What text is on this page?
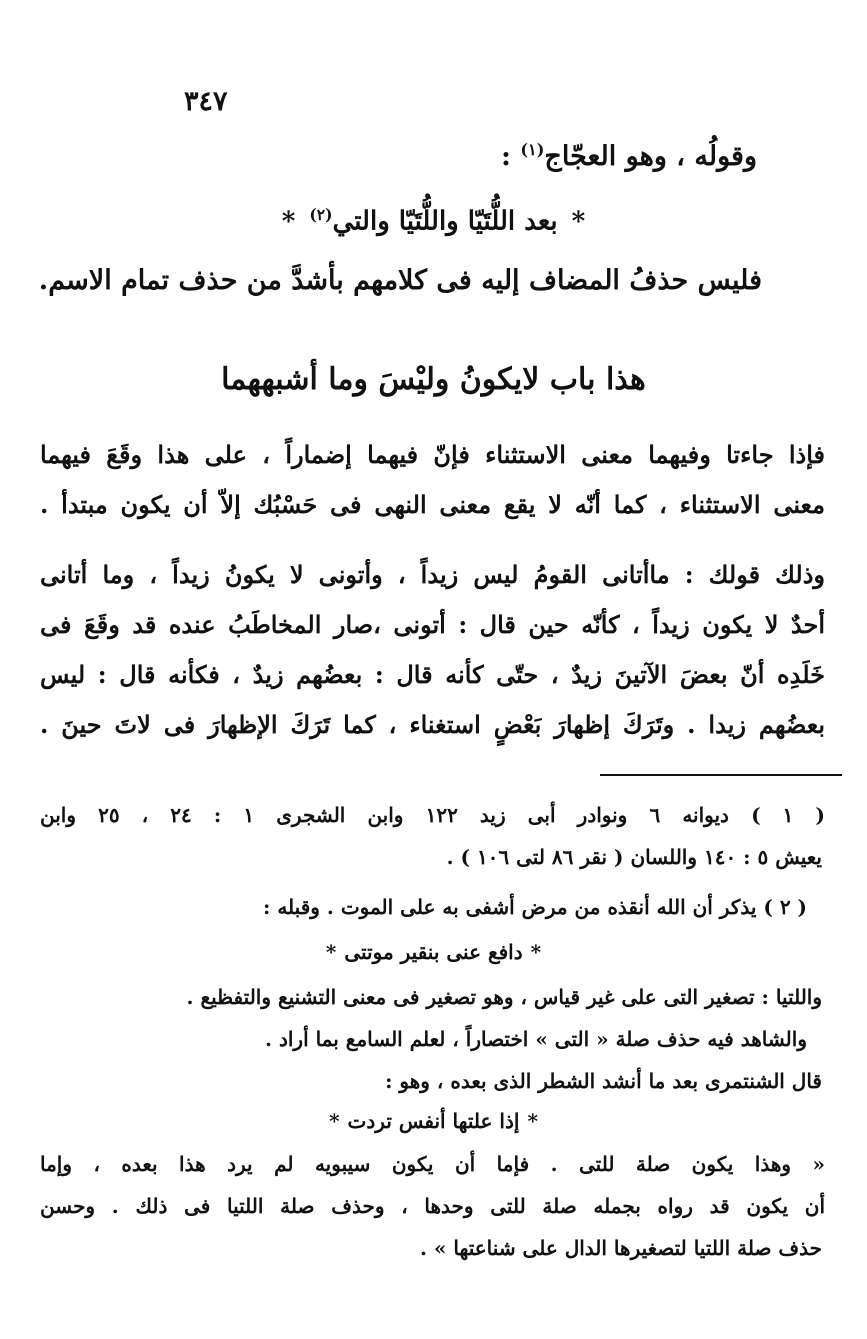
٣٤٧
وقولُه ، وهو العجّاج$^{(١)}$ :
*بعد اللُّتَيّا واللُّتَيّا والتي$^{(٢)}$*
فليس حذفُ المضاف إليه فى كلامهم بأشدَّ من حذف تمام الاسم.
هذا باب لايكونُ وليْسَ وما أشبههما
فإذا جاءتا وفيهما معنى الاستثناء فإنّ فيهما إضماراً ، على هذا وقَعَ فيهما
معنى الاستثناء ، كما أنّه لا يقع معنى النهى فى حَسْبُك إلاّ أن يكون مبتدأ .
وذلك قولك : ماأتانى القومُ ليس زيداً ، وأتونى لا يكونُ زيداً ، وما أتانى
أحدٌ لا يكون زيداً ، كأنّه حين قال : أتونى ،صار المخاطَبُ عنده قد وقَعَ فى
خَلَدِه أنّ بعضَ الآتينَ زيدٌ ، حتّى كأنه قال : بعضُهم زيدٌ ، فكأنه قال : ليس
بعضُهم زيدا . وتَرَكَ إظهارَ بَعْضٍ استغناء ، كما تَرَكَ الإظهارَ فى لاتَ حينَ .
( ١ ) ديوانه ٦ ونوادر أبى زيد ١٢٢ وابن الشجرى ١ : ٢٤ ، ٢٥ وابن
يعيش ٥ : ١٤٠ واللسان ( نقر ٨٦ لتى ١٠٦ ) .
( ٢ ) يذكر أن الله أنقذه من مرض أشفى به على الموت . وقبله :
*دافع عنى بنقير موتتى*
واللتيا : تصغير التى على غير قياس ، وهو تصغير فى معنى التشنيع والتفظيع .
والشاهد فيه حذف صلة « التى » اختصاراً ، لعلم السامع بما أراد .
قال الشنتمرى بعد ما أنشد الشطر الذى بعده ، وهو :
*إذا علتها أنفس تردت*
« وهذا يكون صلة للتى . فإما أن يكون سيبويه لم يرد هذا بعده ، وإما
أن يكون قد رواه بجمله صلة للتى وحدها ، وحذف صلة اللتيا فى ذلك . وحسن
حذف صلة اللتيا لتصغيرها الدال على شناعتها » .
